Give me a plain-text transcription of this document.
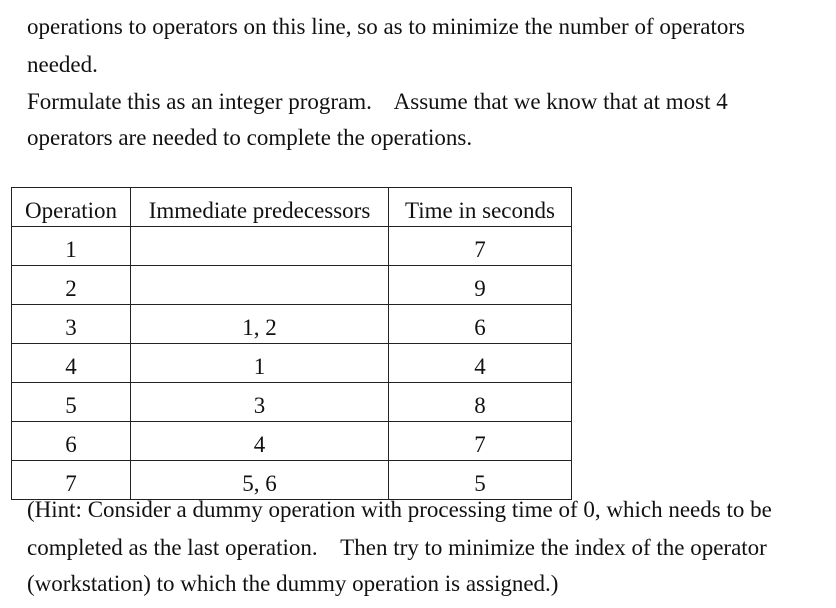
operations to operators on this line, so as to minimize the number of operators
needed.
Formulate this as an integer program.    Assume that we know that at most 4
operators are needed to complete the operations.
Operation	Immediate predecessors	Time in seconds
1		7
2		9
3	1, 2	6
4	1	4
5	3	8
6	4	7
7	5, 6	5
(Hint: Consider a dummy operation with processing time of 0, which needs to be
completed as the last operation.    Then try to minimize the index of the operator
(workstation) to which the dummy operation is assigned.)
